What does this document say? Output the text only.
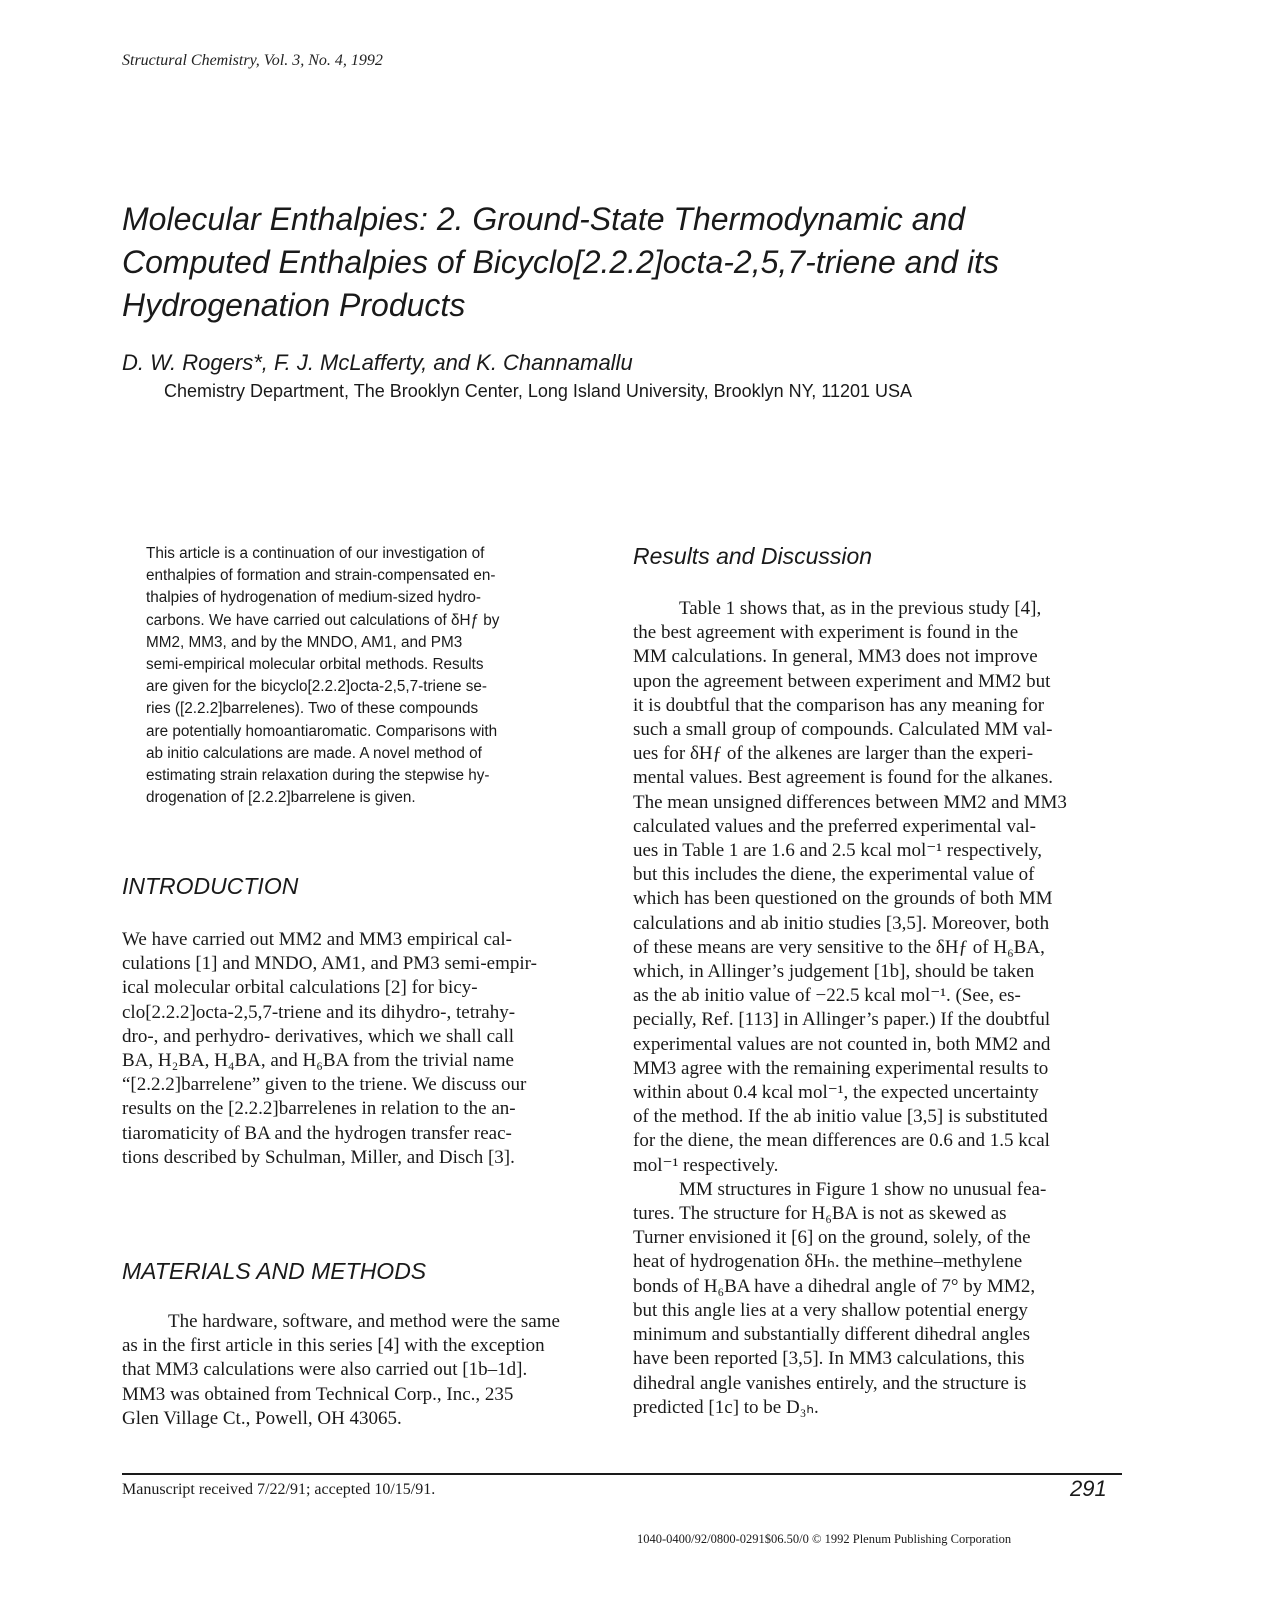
Structural Chemistry, Vol. 3, No. 4, 1992
Molecular Enthalpies: 2. Ground-State Thermodynamic and
Computed Enthalpies of Bicyclo[2.2.2]octa-2,5,7-triene and its
Hydrogenation Products
D. W. Rogers*, F. J. McLafferty, and K. Channamallu
Chemistry Department, The Brooklyn Center, Long Island University, Brooklyn NY, 11201 USA

This article is a continuation of our investigation of
enthalpies of formation and strain-compensated en-
thalpies of hydrogenation of medium-sized hydro-
carbons. We have carried out calculations of δHƒ by
MM2, MM3, and by the MNDO, AM1, and PM3
semi-empirical molecular orbital methods. Results
are given for the bicyclo[2.2.2]octa-2,5,7-triene se-
ries ([2.2.2]barrelenes). Two of these compounds
are potentially homoantiaromatic. Comparisons with
ab initio calculations are made. A novel method of
estimating strain relaxation during the stepwise hy-
drogenation of [2.2.2]barrelene is given.

INTRODUCTION
We have carried out MM2 and MM3 empirical cal-
culations [1] and MNDO, AM1, and PM3 semi-empir-
ical molecular orbital calculations [2] for bicy-
clo[2.2.2]octa-2,5,7-triene and its dihydro-, tetrahy-
dro-, and perhydro- derivatives, which we shall call
BA, H₂BA, H₄BA, and H₆BA from the trivial name
“[2.2.2]barrelene” given to the triene. We discuss our
results on the [2.2.2]barrelenes in relation to the an-
tiaromaticity of BA and the hydrogen transfer reac-
tions described by Schulman, Miller, and Disch [3].
MATERIALS AND METHODS
The hardware, software, and method were the same
as in the first article in this series [4] with the exception
that MM3 calculations were also carried out [1b–1d].
MM3 was obtained from Technical Corp., Inc., 235
Glen Village Ct., Powell, OH 43065.
Results and Discussion
Table 1 shows that, as in the previous study [4],
the best agreement with experiment is found in the
MM calculations. In general, MM3 does not improve
upon the agreement between experiment and MM2 but
it is doubtful that the comparison has any meaning for
such a small group of compounds. Calculated MM val-
ues for δHƒ of the alkenes are larger than the experi-
mental values. Best agreement is found for the alkanes.
The mean unsigned differences between MM2 and MM3
calculated values and the preferred experimental val-
ues in Table 1 are 1.6 and 2.5 kcal mol⁻¹ respectively,
but this includes the diene, the experimental value of
which has been questioned on the grounds of both MM
calculations and ab initio studies [3,5]. Moreover, both
of these means are very sensitive to the δHƒ of H₆BA,
which, in Allinger’s judgement [1b], should be taken
as the ab initio value of −22.5 kcal mol⁻¹. (See, es-
pecially, Ref. [113] in Allinger’s paper.) If the doubtful
experimental values are not counted in, both MM2 and
MM3 agree with the remaining experimental results to
within about 0.4 kcal mol⁻¹, the expected uncertainty
of the method. If the ab initio value [3,5] is substituted
for the diene, the mean differences are 0.6 and 1.5 kcal
mol⁻¹ respectively.
MM structures in Figure 1 show no unusual fea-
tures. The structure for H₆BA is not as skewed as
Turner envisioned it [6] on the ground, solely, of the
heat of hydrogenation δHₕ. the methine–methylene
bonds of H₆BA have a dihedral angle of 7° by MM2,
but this angle lies at a very shallow potential energy
minimum and substantially different dihedral angles
have been reported [3,5]. In MM3 calculations, this
dihedral angle vanishes entirely, and the structure is
predicted [1c] to be D₃ₕ.
Manuscript received 7/22/91; accepted 10/15/91.	291
1040-0400/92/0800-0291$06.50/0 © 1992 Plenum Publishing Corporation
